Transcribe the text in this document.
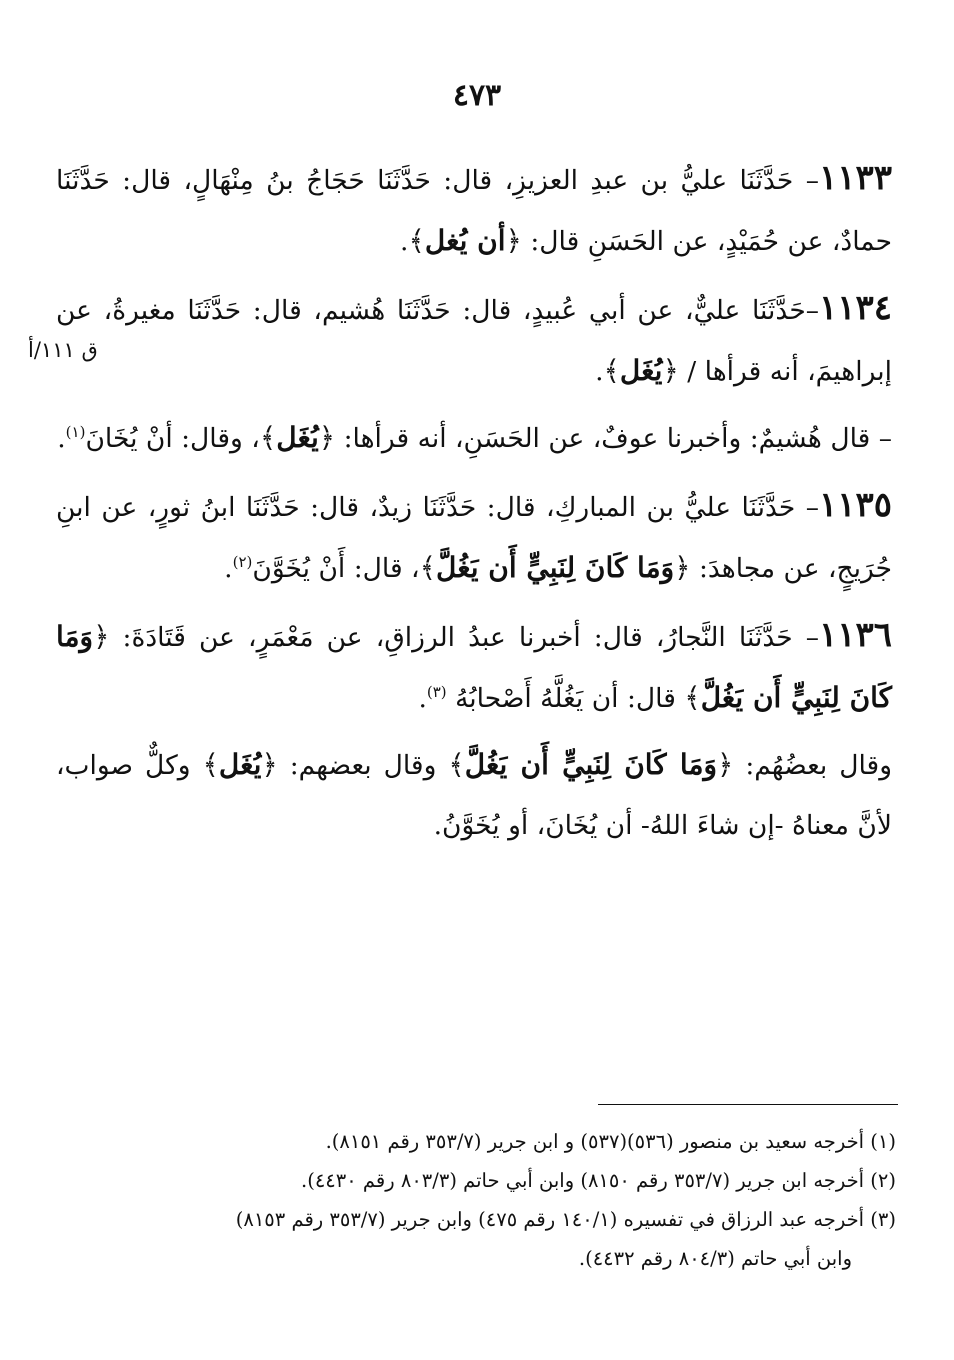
٤٧٣
ق ١١١/أ

١١٣٣– حَدَّثَنَا عليُّ بن عبدِ العزيزِ، قال: حَدَّثَنَا حَجَاجُ بنُ مِنْهَالٍ، قال: حَدَّثَنَا حمادٌ، عن حُمَيْدٍ، عن الحَسَنِ قال: ﴿أن يُغل﴾.

١١٣٤–حَدَّثَنَا عليٌّ، عن أبي عُبيدٍ، قال: حَدَّثَنَا هُشيم، قال: حَدَّثَنَا مغيرةُ، عن إبراهيمَ، أنه قرأها / ﴿يُغَل﴾.

– قال هُشيمٌ: وأخبرنا عوفٌ، عن الحَسَنِ، أنه قرأها: ﴿يُغَل﴾، وقال: أنْ يُخَانَ$^{(١)}$.

١١٣٥– حَدَّثَنَا عليُّ بن المباركِ، قال: حَدَّثَنَا زيدٌ، قال: حَدَّثَنَا ابنُ ثورٍ، عن ابنِ جُرَيجٍ، عن مجاهدَ: ﴿وَمَا كَانَ لِنَبِيٍّ أَن يَغُلَّ﴾، قال: أَنْ يُخَوَّنَ$^{(٢)}$.

١١٣٦– حَدَّثَنَا النَّجارُ، قال: أخبرنا عبدُ الرزاقِ، عن مَعْمَرٍ، عن قَتَادَةَ: ﴿وَمَا كَانَ لِنَبِيٍّ أَن يَغُلَّ﴾ قال: أن يَغُلَّهُ أَصْحابُهُ $^{(٣)}$.

وقال بعضُهُم: ﴿وَمَا كَانَ لِنَبِيٍّ أَن يَغُلَّ﴾ وقال بعضهم: ﴿يُغَل﴾ وكلٌّ صواب، لأنَّ معناهُ -إن شاءَ اللهُ- أن يُخَانَ، أو يُخَوَّنُ.

(١) أخرجه سعيد بن منصور (٥٣٦)(٥٣٧) و ابن جرير (٣٥٣/٧ رقم ٨١٥١).

(٢) أخرجه ابن جرير (٣٥٣/٧ رقم ٨١٥٠) وابن أبي حاتم (٨٠٣/٣ رقم ٤٤٣٠).

(٣) أخرجه عبد الرزاق في تفسيره (١٤٠/١ رقم ٤٧٥) وابن جرير (٣٥٣/٧ رقم ٨١٥٣)
وابن أبي حاتم (٨٠٤/٣ رقم ٤٤٣٢).
